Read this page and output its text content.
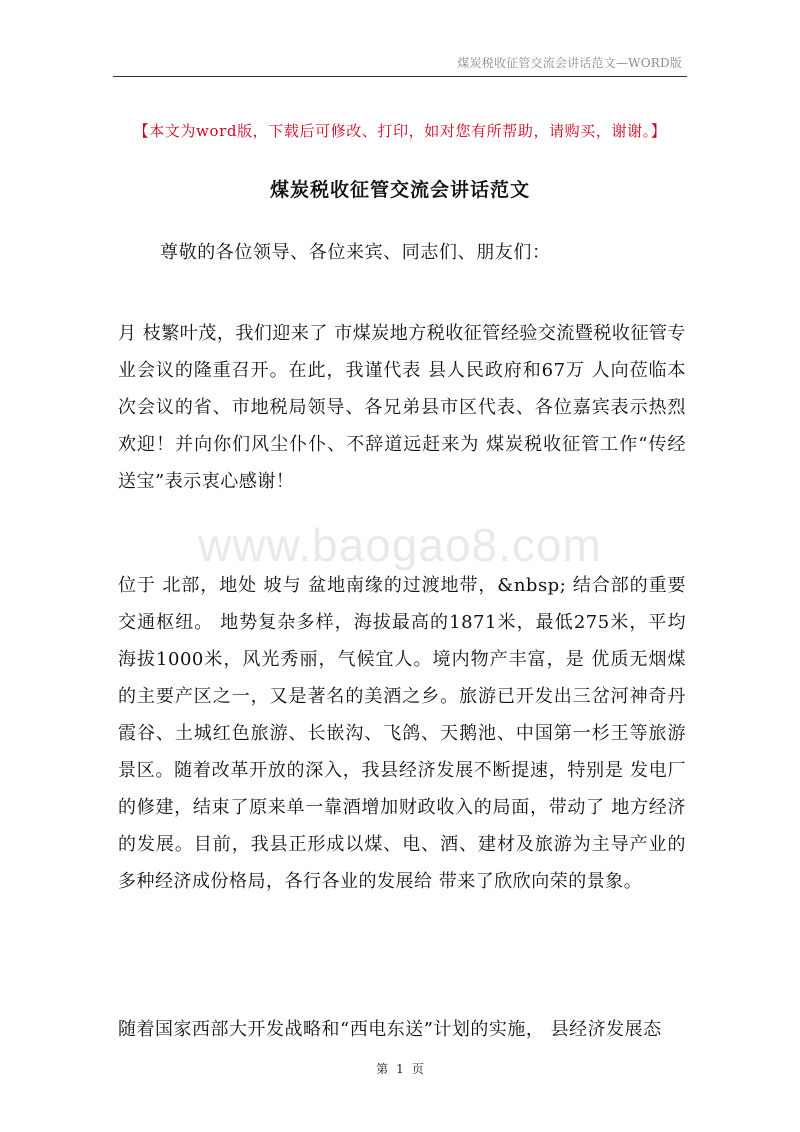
煤炭税收征管交流会讲话范文—WORD版
【本文为word版，下载后可修改、打印，如对您有所帮助，请购买，谢谢。】
煤炭税收征管交流会讲话范文
尊敬的各位领导、各位来宾、同志们、朋友们：
月 枝繁叶茂，我们迎来了 市煤炭地方税收征管经验交流暨税收征管专业会议的隆重召开。在此，我谨代表 县人民政府和67万 人向莅临本次会议的省、市地税局领导、各兄弟县市区代表、各位嘉宾表示热烈欢迎！并向你们风尘仆仆、不辞道远赶来为 煤炭税收征管工作“传经送宝”表示衷心感谢！
www.baogao8.com
位于 北部，地处 坡与 盆地南缘的过渡地带，&nbsp; 结合部的重要交通枢纽。 地势复杂多样，海拔最高的1871米，最低275米，平均海拔1000米，风光秀丽，气候宜人。境内物产丰富，是 优质无烟煤的主要产区之一，又是著名的美酒之乡。旅游已开发出三岔河神奇丹霞谷、土城红色旅游、长嵌沟、飞鸽、天鹅池、中国第一杉王等旅游景区。随着改革开放的深入，我县经济发展不断提速，特别是 发电厂的修建，结束了原来单一靠酒增加财政收入的局面，带动了 地方经济的发展。目前，我县正形成以煤、电、酒、建材及旅游为主导产业的多种经济成份格局，各行各业的发展给 带来了欣欣向荣的景象。
随着国家西部大开发战略和“西电东送”计划的实施， 县经济发展态
第 1 页
